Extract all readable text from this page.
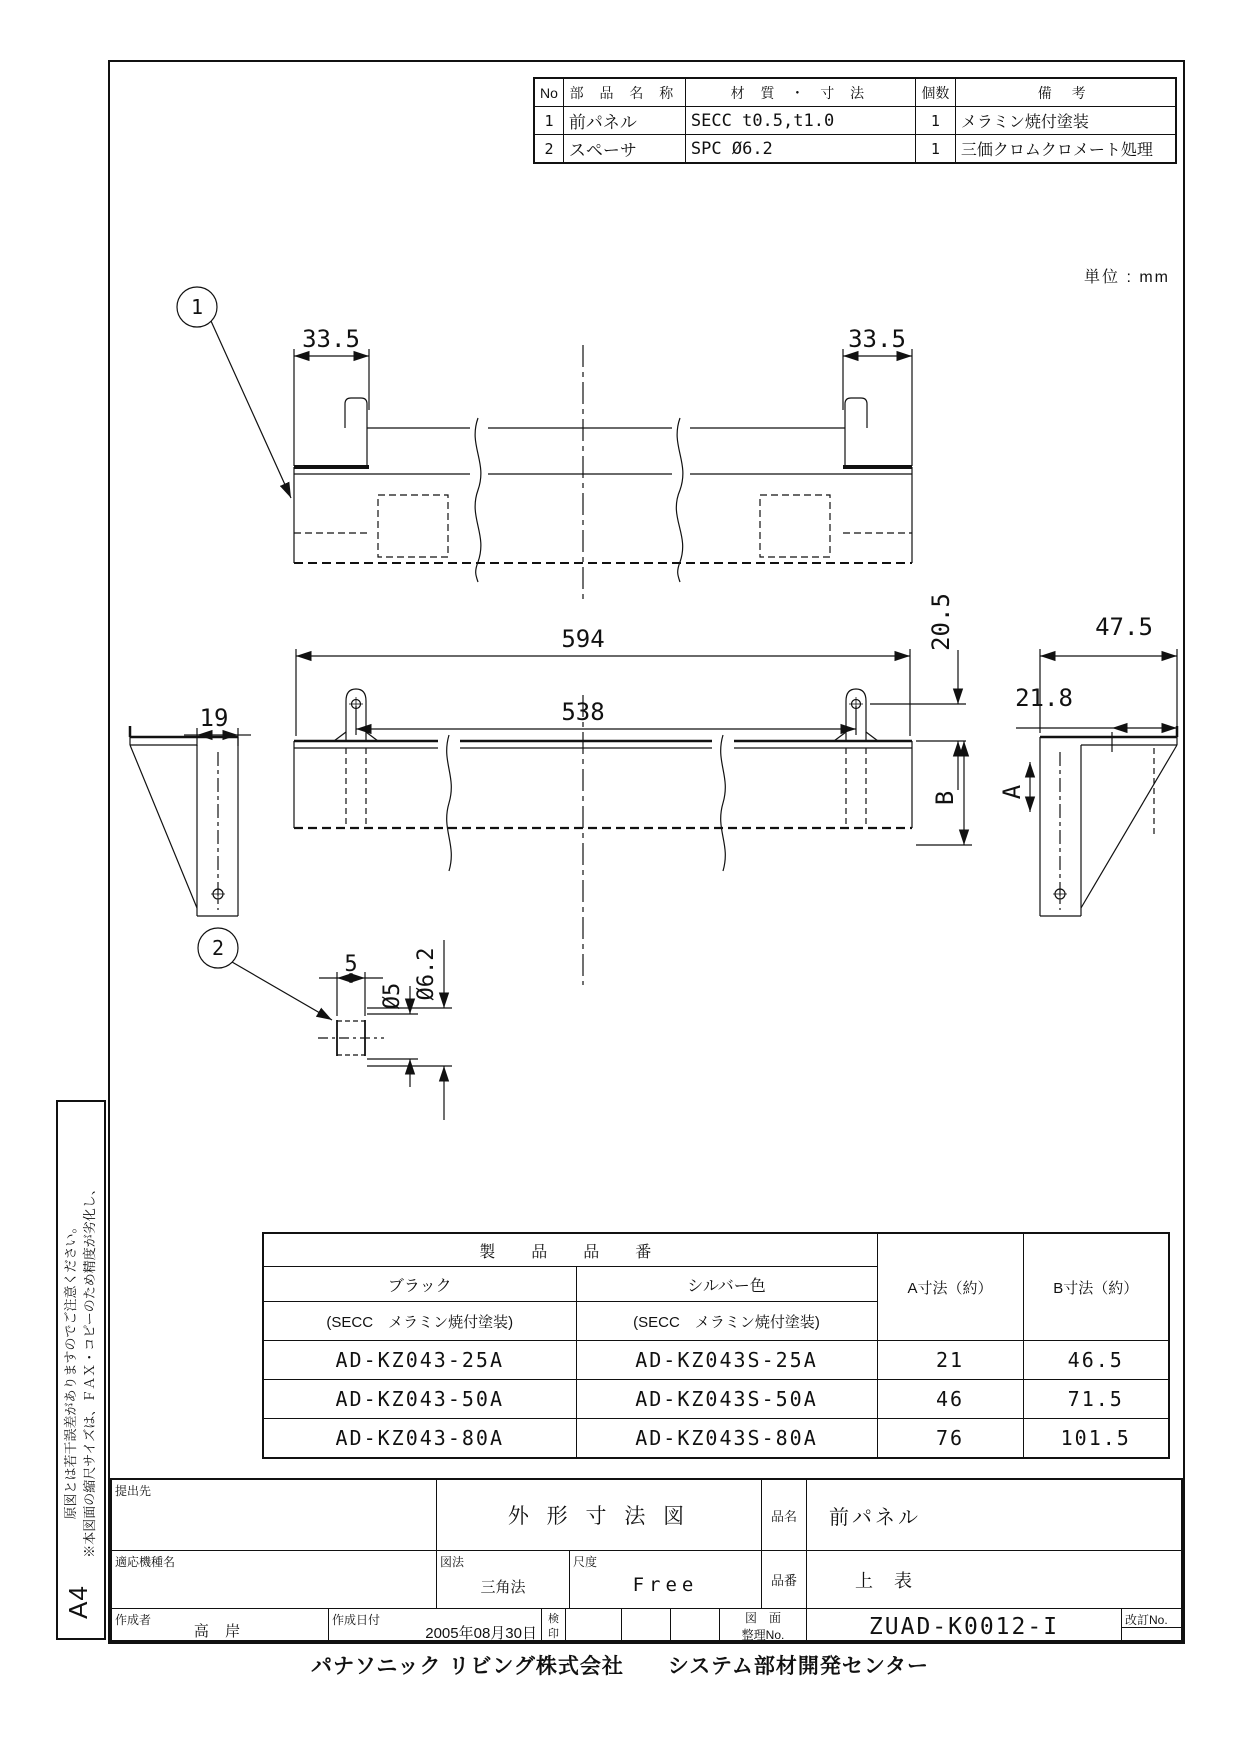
No	部 品 名 称	材 質 ・ 寸 法	個数	備 考
1	前パネル	SECC t0.5,t1.0	1	メラミン焼付塗装
2	スペーサ	SPC Ø6.2	1	三価クロムクロメート処理
単位 : mm
1
2
33.5	33.5
594
538
47.5
21.8
19
20.5
B A
5
Ø5 Ø6.2
製　品　品　番		A寸法（約）	B寸法（約）
ブラック	シルバー色		
(SECC　メラミン焼付塗装)	(SECC　メラミン焼付塗装)		
AD-KZ043-25A	AD-KZ043S-25A	21	46.5
AD-KZ043-50A	AD-KZ043S-50A	46	71.5
AD-KZ043-80A	AD-KZ043S-80A	76	101.5
提出先
外 形 寸 法 図	品名	前パネル
適応機種名	図法
三角法
尺度
Free	品番	上 表
作成者
高 岸
作成日付
2005年08月30日
検
印
図　面
整理No.	ZUAD-K0012-I	改訂No.
原図とは若干誤差がありますのでご注意ください。 ※本図面の縮尺サイズは、ＦＡＸ・コピーのため精度が劣化し、
A4
パナソニック リビング株式会社　　システム部材開発センター
